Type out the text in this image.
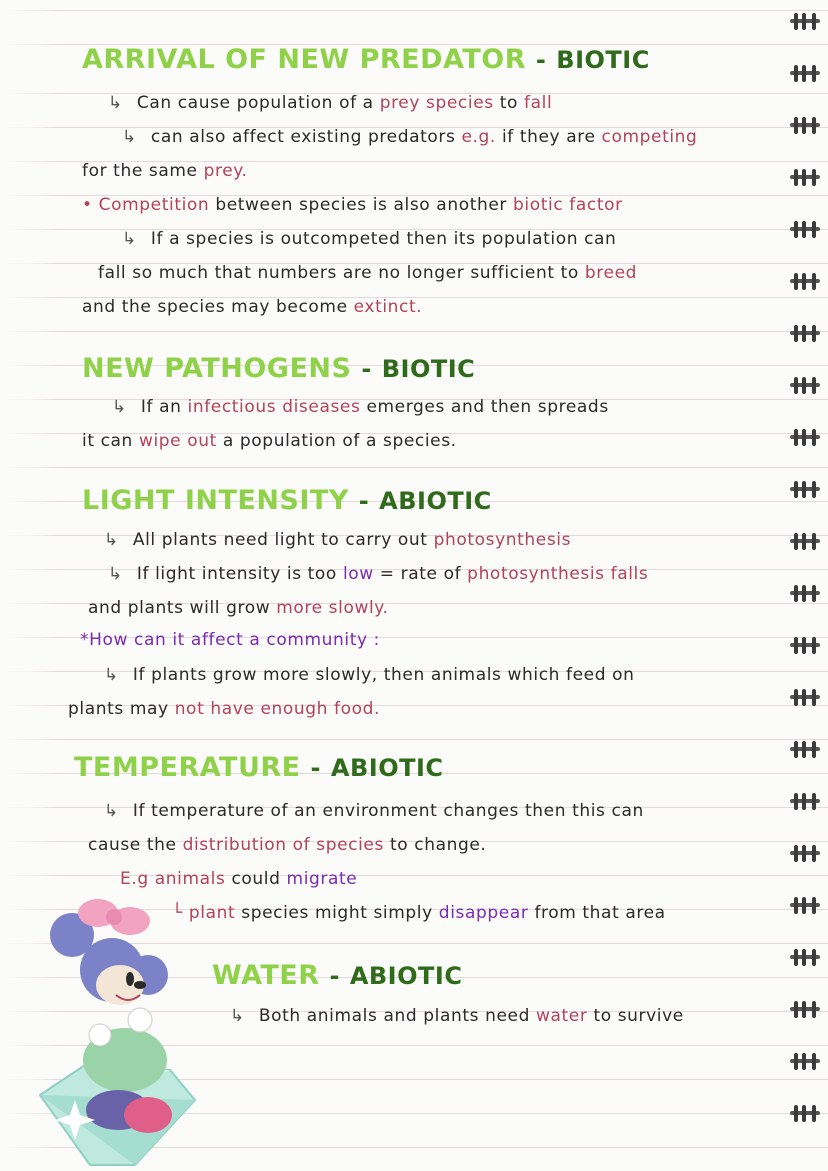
ARRIVAL OF NEW PREDATOR - BIOTIC
↳ Can cause population of a prey species to fall
↳ can also affect existing predators e.g. if they are competing
for the same prey.
• Competition between species is also another biotic factor
↳ If a species is outcompeted then its population can
fall so much that numbers are no longer sufficient to breed
and the species may become extinct.
NEW PATHOGENS - BIOTIC
↳ If an infectious diseases emerges and then spreads
it can wipe out a population of a species.
LIGHT INTENSITY - ABIOTIC
↳ All plants need light to carry out photosynthesis
↳ If light intensity is too low = rate of photosynthesis falls
and plants will grow more slowly.
*How can it affect a community :
↳ If plants grow more slowly, then animals which feed on
plants may not have enough food.
TEMPERATURE - ABIOTIC
↳ If temperature of an environment changes then this can
cause the distribution of species to change.
E.g animals could migrate
└ plant species might simply disappear from that area
WATER - ABIOTIC
↳ Both animals and plants need water to survive
